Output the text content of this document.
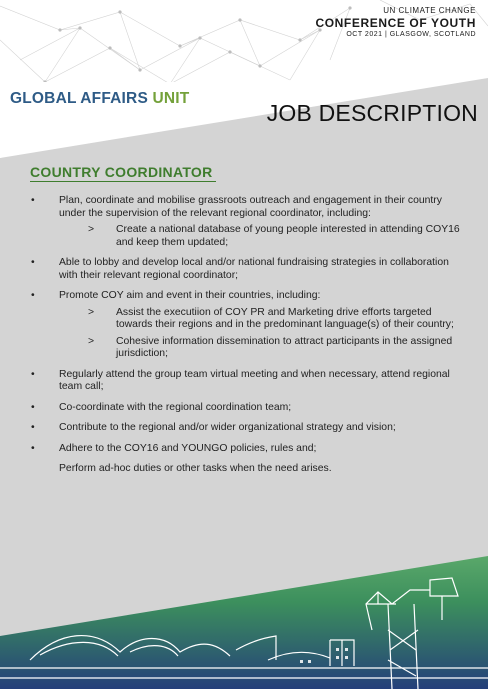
UN CLIMATE CHANGE
CONFERENCE OF YOUTH
OCT 2021 | GLASGOW, SCOTLAND
GLOBAL AFFAIRS UNIT
JOB DESCRIPTION
COUNTRY COORDINATOR
• Plan, coordinate and mobilise grassroots outreach and engagement in their country under the supervision of the relevant regional coordinator, including:
> Create a national database of young people interested in attending COY16 and keep them updated;
• Able to lobby and develop local and/or national fundraising strategies in collaboration with their relevant regional coordinator;
• Promote COY aim and event in their countries, including:
> Assist the executiion of COY PR and Marketing drive efforts targeted towards their regions and in the predominant language(s) of their country;
> Cohesive information dissemination to attract participants in the assigned jurisdiction;
• Regularly attend the group team virtual meeting and when necessary, attend regional team call;
• Co-coordinate with the regional coordination team;
• Contribute to the regional and/or wider organizational strategy and vision;
• Adhere to the COY16 and YOUNGO policies, rules and;
Perform ad-hoc duties or other tasks when the need arises.
